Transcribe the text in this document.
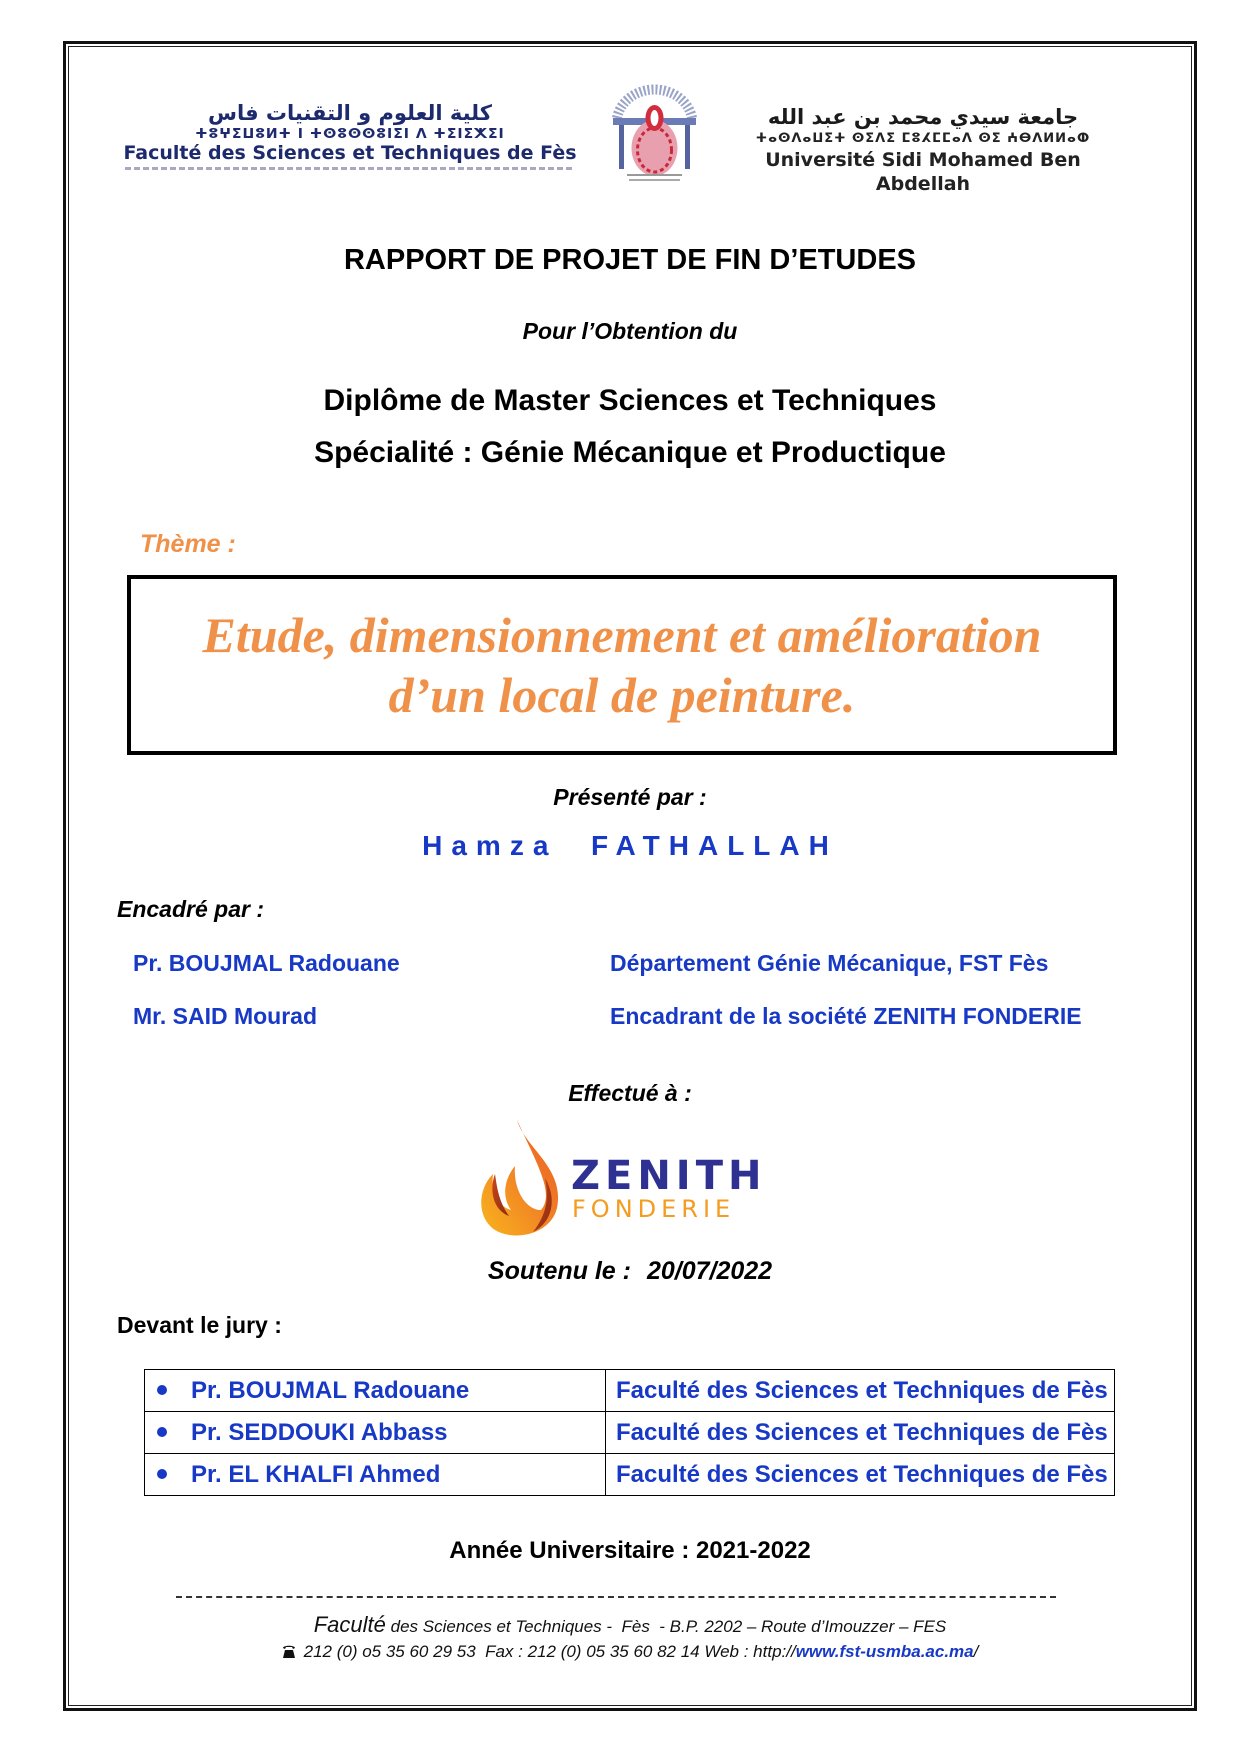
كلية العلوم و التقنيات فاس
ⵜⵓⵖⵉⵡⵓⵍⵜ ⵏ ⵜⵙⵓⵙⵙⵓⵏⵉⵏ ⴷ ⵜⵉⵏⵉⵅⵉⵏ
Faculté des Sciences et Techniques de Fès
جامعة سيدي محمد بن عبد الله
ⵜⴰⵙⴷⴰⵡⵉⵜ ⵙⵉⴷⵉ ⵎⵓⵃⵎⵎⴰⴷ ⵙⵉ ⵄⴱⴷⵍⵍⴰⵀ
Université Sidi Mohamed Ben Abdellah
RAPPORT DE PROJET DE FIN D’ETUDES
Pour l’Obtention du
Diplôme de Master Sciences et Techniques
Spécialité : Génie Mécanique et Productique
Thème :
Etude, dimensionnement et amélioration
d’un local de peinture.
Présenté par :
Hamza  FATHALLAH
Encadré par :
Pr. BOUJMAL Radouane	Département Génie Mécanique, FST Fès
Mr. SAID Mourad	Encadrant de la société ZENITH FONDERIE
Effectué à :
ZENITH
FONDERIE
Soutenu le : 20/07/2022
Devant le jury :
Pr. BOUJMAL Radouane	Faculté des Sciences et Techniques de Fès
Pr. SEDDOUKI Abbass	Faculté des Sciences et Techniques de Fès
Pr. EL KHALFI Ahmed	Faculté des Sciences et Techniques de Fès
Année Universitaire : 2021-2022
Faculté des Sciences et Techniques -  Fès  - B.P. 2202 – Route d’Imouzzer – FES
212 (0) o5 35 60 29 53  Fax : 212 (0) 05 35 60 82 14 Web : http://www.fst-usmba.ac.ma/
